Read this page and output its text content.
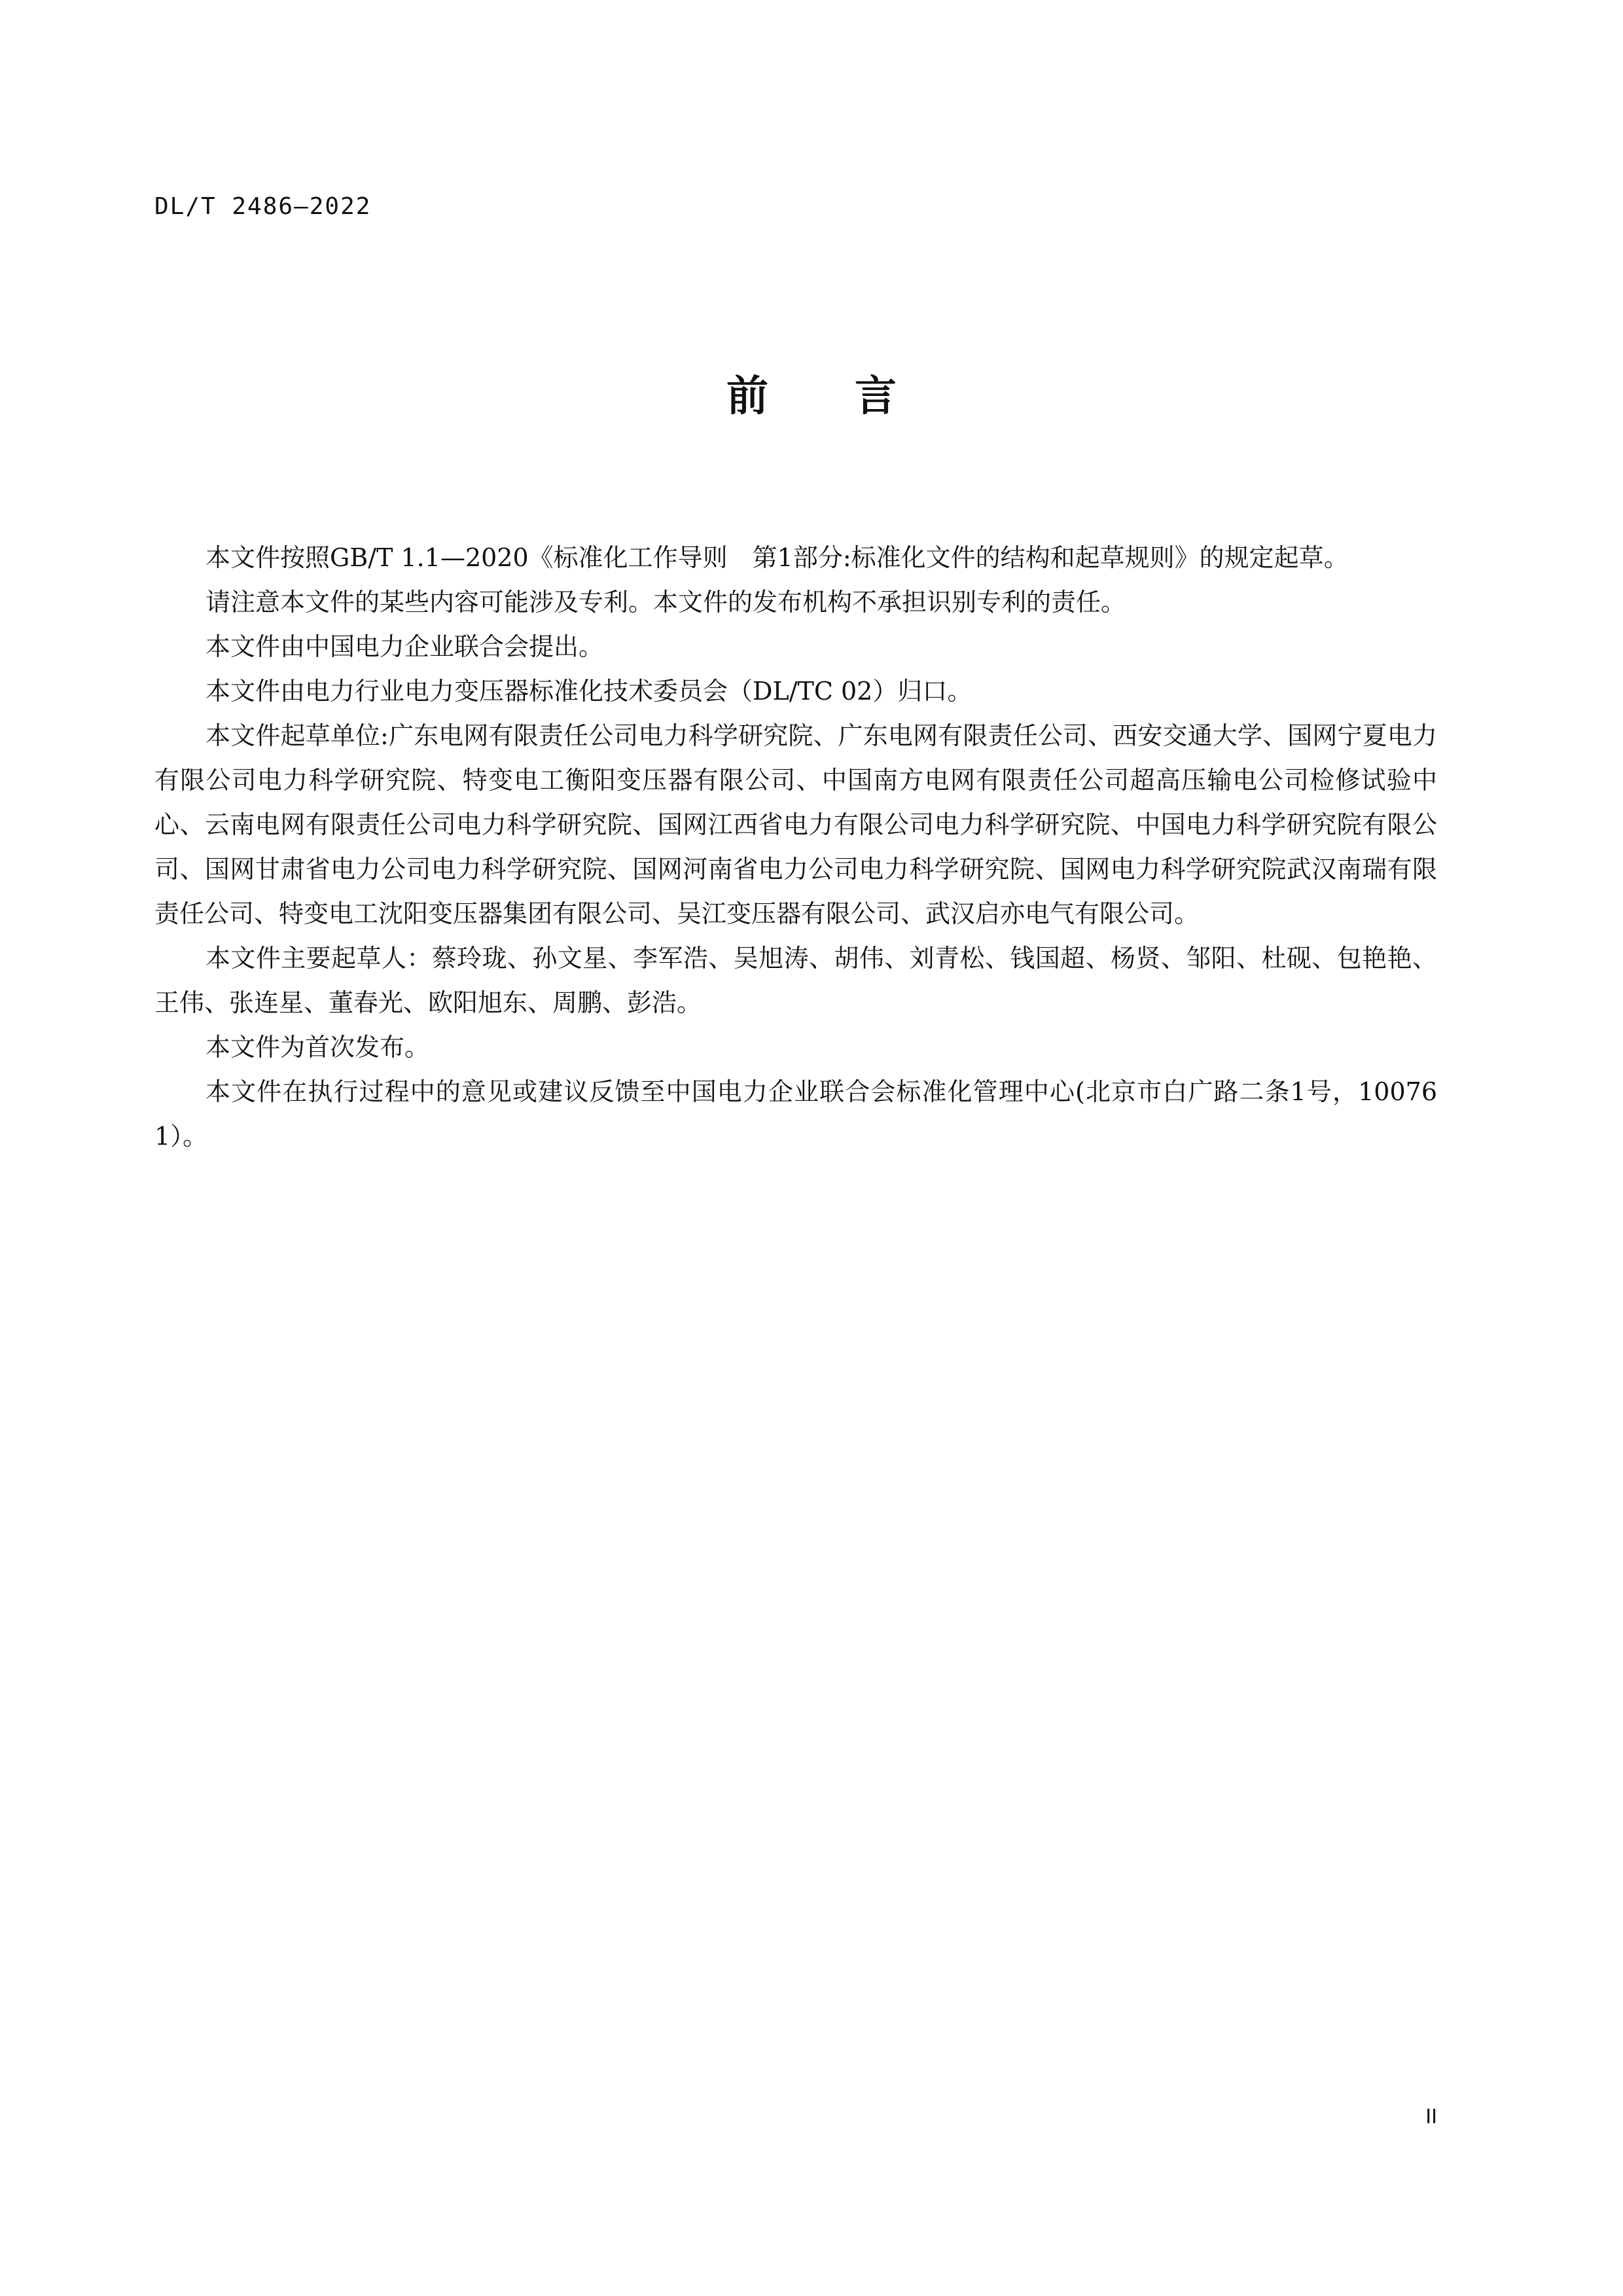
DL/T 2486—2022
前言

本文件按照GB/T 1.1—2020《标准化工作导则　第1部分:标准化文件的结构和起草规则》的规定起草。

请注意本文件的某些内容可能涉及专利。本文件的发布机构不承担识别专利的责任。

本文件由中国电力企业联合会提出。

本文件由电力行业电力变压器标准化技术委员会（DL/TC 02）归口。

本文件起草单位:广东电网有限责任公司电力科学研究院、广东电网有限责任公司、西安交通大学、国网宁夏电力有限公司电力科学研究院、特变电工衡阳变压器有限公司、中国南方电网有限责任公司超高压输电公司检修试验中心、云南电网有限责任公司电力科学研究院、国网江西省电力有限公司电力科学研究院、中国电力科学研究院有限公司、国网甘肃省电力公司电力科学研究院、国网河南省电力公司电力科学研究院、国网电力科学研究院武汉南瑞有限责任公司、特变电工沈阳变压器集团有限公司、吴江变压器有限公司、武汉启亦电气有限公司。

本文件主要起草人：蔡玲珑、孙文星、李军浩、吴旭涛、胡伟、刘青松、钱国超、杨贤、邹阳、杜砚、包艳艳、王伟、张连星、董春光、欧阳旭东、周鹏、彭浩。

本文件为首次发布。

本文件在执行过程中的意见或建议反馈至中国电力企业联合会标准化管理中心(北京市白广路二条1号，100761）。

II
